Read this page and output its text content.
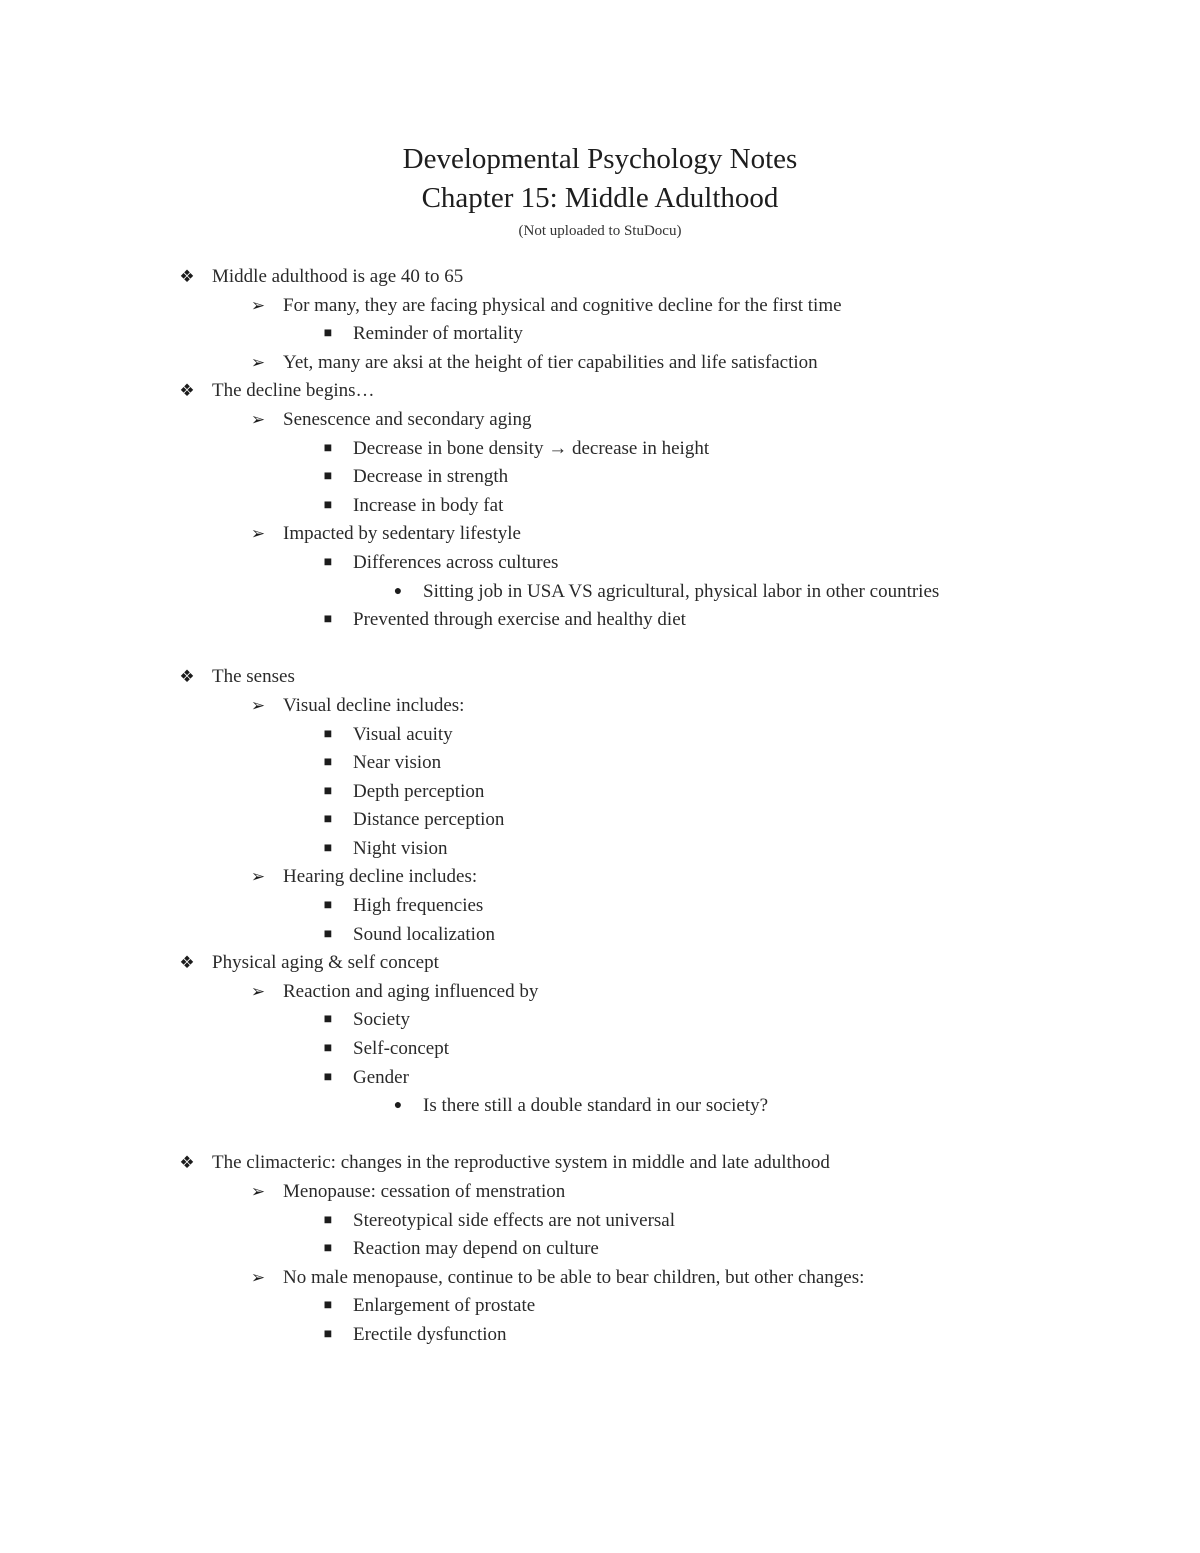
Developmental Psychology Notes
Chapter 15: Middle Adulthood
(Not uploaded to StuDocu)
❖ Middle adulthood is age 40 to 65
➢ For many, they are facing physical and cognitive decline for the first time
■	Reminder of mortality
➢ Yet, many are aksi at the height of tier capabilities and life satisfaction
❖ The decline begins…
➢ Senescence and secondary aging
■	Decrease in bone density → decrease in height
■	Decrease in strength
■	Increase in body fat
➢ Impacted by sedentary lifestyle
■	Differences across cultures
●	Sitting job in USA VS agricultural, physical labor in other countries
■	Prevented through exercise and healthy diet
❖ The senses
➢ Visual decline includes:
■	Visual acuity
■	Near vision
■	Depth perception
■	Distance perception
■	Night vision
➢ Hearing decline includes:
■	High frequencies
■	Sound localization
❖ Physical aging & self concept
➢ Reaction and aging influenced by
■	Society
■	Self-concept
■	Gender
●	Is there still a double standard in our society?
❖ The climacteric: changes in the reproductive system in middle and late adulthood
➢ Menopause: cessation of menstration
■	Stereotypical side effects are not universal
■	Reaction may depend on culture
➢ No male menopause, continue to be able to bear children, but other changes:
■	Enlargement of prostate
■	Erectile dysfunction
